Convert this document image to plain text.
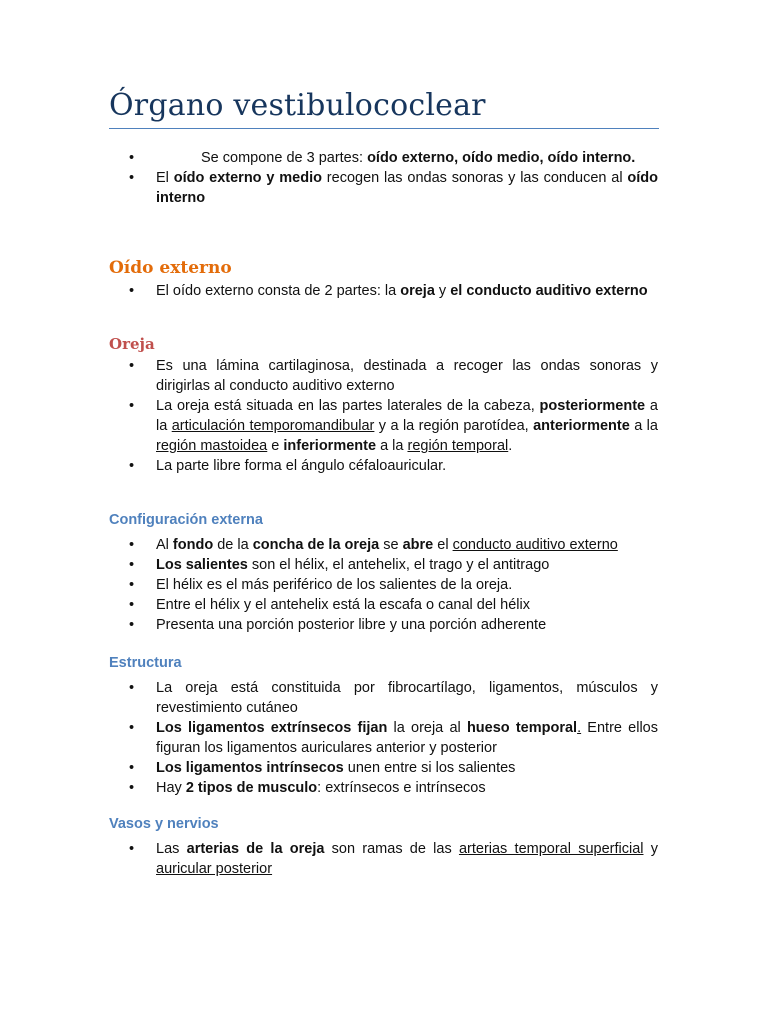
Órgano vestibulococlear
•	Se compone de 3 partes: oído externo, oído medio, oído interno.
• El oído externo y medio recogen las ondas sonoras y las conducen al oído interno
Oído externo
• El oído externo consta de 2 partes: la oreja y el conducto auditivo externo
Oreja
• Es una lámina cartilaginosa, destinada a recoger las ondas sonoras y dirigirlas al conducto auditivo externo
• La oreja está situada en las partes laterales de la cabeza, posteriormente a la articulación temporomandibular y a la región parotídea, anteriormente a la región mastoidea e inferiormente a la región temporal.
• La parte libre forma el ángulo céfaloauricular.
Configuración externa
• Al fondo de la concha de la oreja se abre el conducto auditivo externo
• Los salientes son el hélix, el antehelix, el trago y el antitrago
• El hélix es el más periférico de los salientes de la oreja.
• Entre el hélix y el antehelix está la escafa o canal del hélix
• Presenta una porción posterior libre y una porción adherente
Estructura
• La oreja está constituida por fibrocartílago, ligamentos, músculos y revestimiento cutáneo
• Los ligamentos extrínsecos fijan la oreja al hueso temporal. Entre ellos figuran los ligamentos auriculares anterior y posterior
• Los ligamentos intrínsecos unen entre si los salientes
• Hay 2 tipos de musculo: extrínsecos e intrínsecos
Vasos y nervios
• Las arterias de la oreja son ramas de las arterias temporal superficial y auricular posterior
